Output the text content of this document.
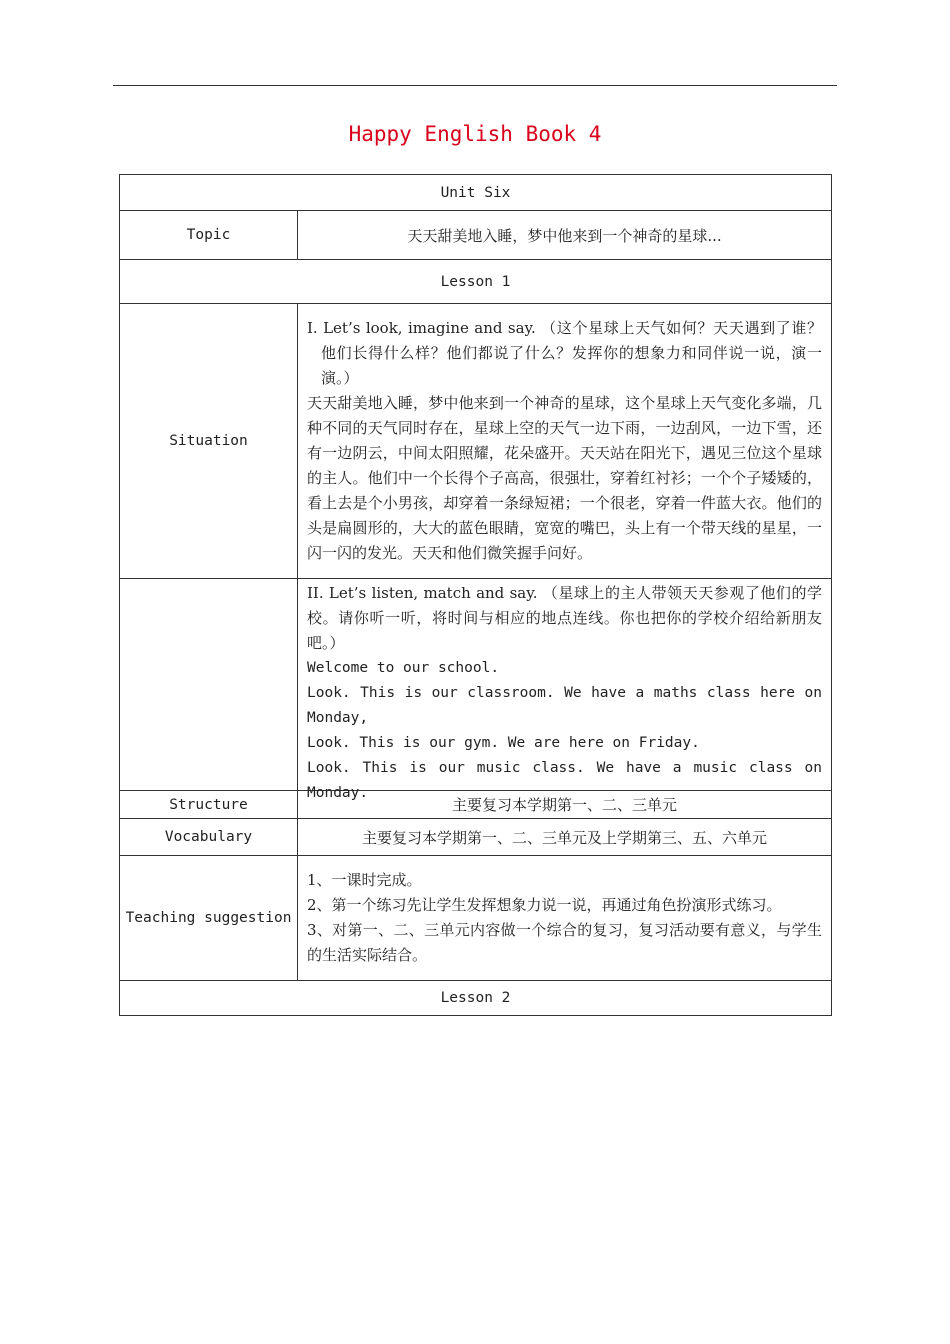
Happy English Book 4
Unit Six	
Topic	天天甜美地入睡，梦中他来到一个神奇的星球...
Lesson 1	
Situation	I. Let’s look, imagine and say. （这个星球上天气如何？天天遇到了谁？他们长得什么样？他们都说了什么？发挥你的想象力和同伴说一说，演一演。）

天天甜美地入睡，梦中他来到一个神奇的星球，这个星球上天气变化多端，几种不同的天气同时存在，星球上空的天气一边下雨，一边刮风，一边下雪，还有一边阴云，中间太阳照耀，花朵盛开。天天站在阳光下，遇见三位这个星球的主人。他们中一个长得个子高高，很强壮，穿着红衬衫；一个个子矮矮的，看上去是个小男孩，却穿着一条绿短裙；一个很老，穿着一件蓝大衣。他们的头是扁圆形的，大大的蓝色眼睛，宽宽的嘴巴，头上有一个带天线的星星，一闪一闪的发光。天天和他们微笑握手问好。

	II. Let’s listen, match and say. （星球上的主人带领天天参观了他们的学校。请你听一听，将时间与相应的地点连线。你也把你的学校介绍给新朋友吧。）

Welcome to our school.

Look. This is our classroom. We have a maths class here on Monday,

Look. This is our gym. We are here on Friday.

Look. This is our music class. We have a music class on Monday.

Structure	主要复习本学期第一、二、三单元
Vocabulary	主要复习本学期第一、二、三单元及上学期第三、五、六单元
Teaching suggestion	1、一课时完成。

2、第一个练习先让学生发挥想象力说一说，再通过角色扮演形式练习。

3、对第一、二、三单元内容做一个综合的复习，复习活动要有意义，与学生的生活实际结合。

Lesson 2	
